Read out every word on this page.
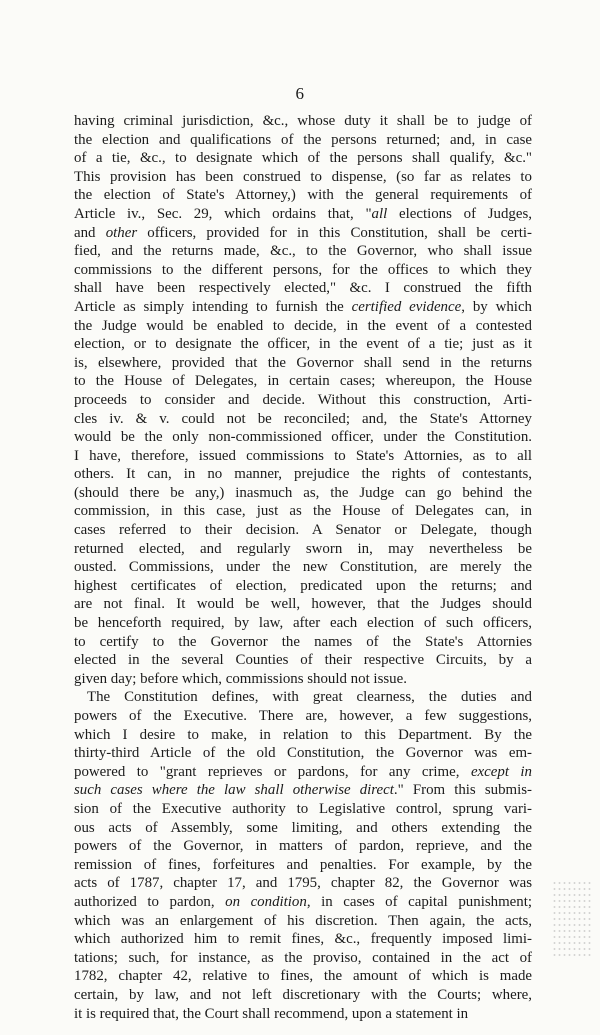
6
having criminal jurisdiction, &c., whose duty it shall be to judge of
the election and qualifications of the persons returned; and, in case
of a tie, &c., to designate which of the persons shall qualify, &c."
This provision has been construed to dispense, (so far as relates to
the election of State's Attorney,) with the general requirements of
Article iv., Sec. 29, which ordains that, "all elections of Judges,
and other officers, provided for in this Constitution, shall be certi-
fied, and the returns made, &c., to the Governor, who shall issue
commissions to the different persons, for the offices to which they
shall have been respectively elected," &c. I construed the fifth
Article as simply intending to furnish the certified evidence, by which
the Judge would be enabled to decide, in the event of a contested
election, or to designate the officer, in the event of a tie; just as it
is, elsewhere, provided that the Governor shall send in the returns
to the House of Delegates, in certain cases; whereupon, the House
proceeds to consider and decide. Without this construction, Arti-
cles iv. & v. could not be reconciled; and, the State's Attorney
would be the only non-commissioned officer, under the Constitution.
I have, therefore, issued commissions to State's Attornies, as to all
others. It can, in no manner, prejudice the rights of contestants,
(should there be any,) inasmuch as, the Judge can go behind the
commission, in this case, just as the House of Delegates can, in
cases referred to their decision. A Senator or Delegate, though
returned elected, and regularly sworn in, may nevertheless be
ousted. Commissions, under the new Constitution, are merely the
highest certificates of election, predicated upon the returns; and
are not final. It would be well, however, that the Judges should
be henceforth required, by law, after each election of such officers,
to certify to the Governor the names of the State's Attornies
elected in the several Counties of their respective Circuits, by a
given day; before which, commissions should not issue.
The Constitution defines, with great clearness, the duties and
powers of the Executive. There are, however, a few suggestions,
which I desire to make, in relation to this Department. By the
thirty-third Article of the old Constitution, the Governor was em-
powered to "grant reprieves or pardons, for any crime, except in
such cases where the law shall otherwise direct." From this submis-
sion of the Executive authority to Legislative control, sprung vari-
ous acts of Assembly, some limiting, and others extending the
powers of the Governor, in matters of pardon, reprieve, and the
remission of fines, forfeitures and penalties. For example, by the
acts of 1787, chapter 17, and 1795, chapter 82, the Governor was
authorized to pardon, on condition, in cases of capital punishment;
which was an enlargement of his discretion. Then again, the acts,
which authorized him to remit fines, &c., frequently imposed limi-
tations; such, for instance, as the proviso, contained in the act of
1782, chapter 42, relative to fines, the amount of which is made
certain, by law, and not left discretionary with the Courts; where,
it is required that, the Court shall recommend, upon a statement in
